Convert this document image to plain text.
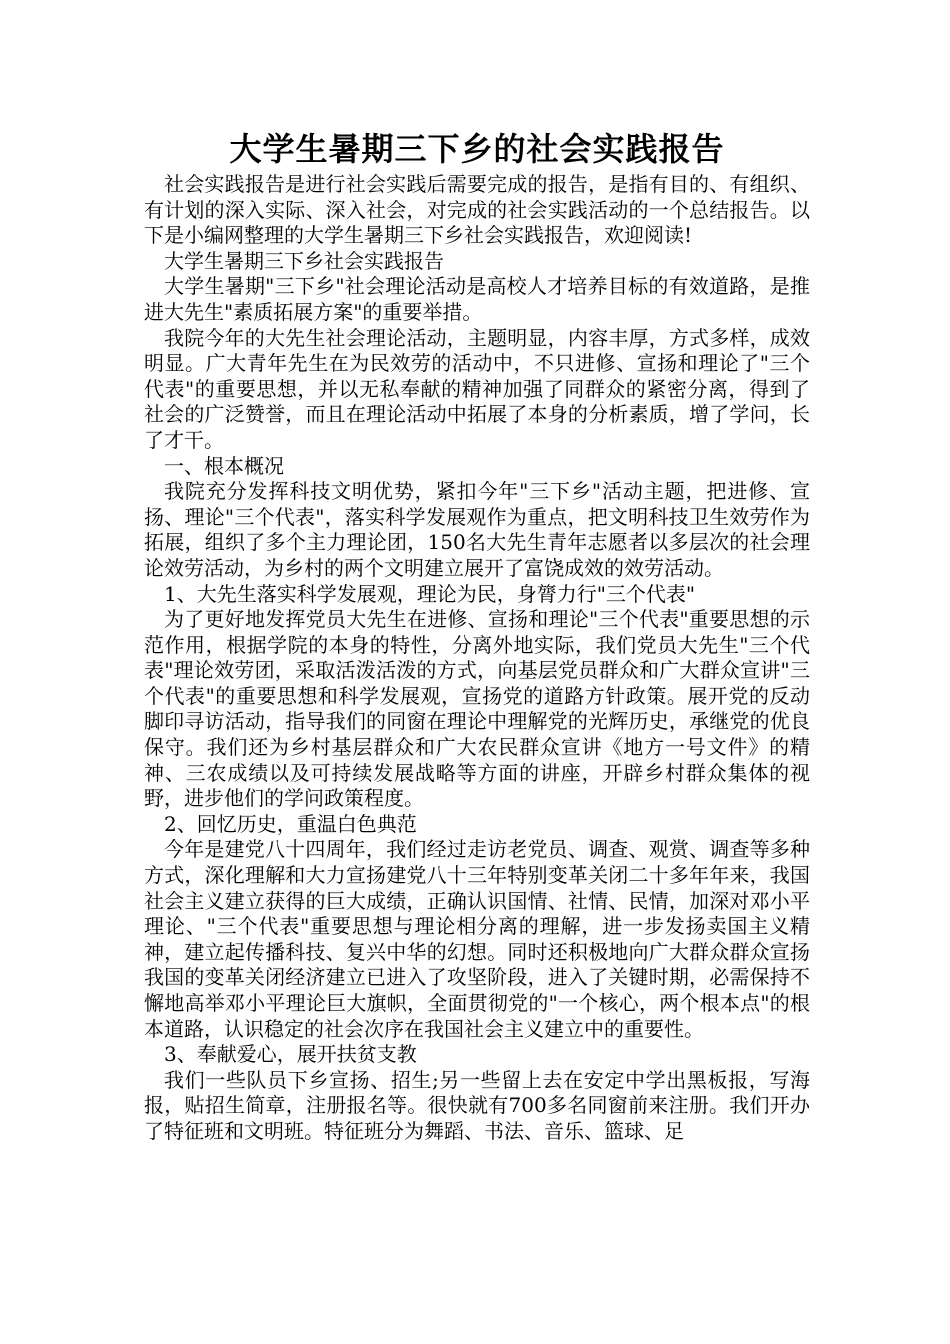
大学生暑期三下乡的社会实践报告

社会实践报告是进行社会实践后需要完成的报告，是指有目的、有组织、有计划的深入实际、深入社会，对完成的社会实践活动的一个总结报告。以下是小编网整理的大学生暑期三下乡社会实践报告，欢迎阅读!

大学生暑期三下乡社会实践报告

大学生暑期"三下乡"社会理论活动是高校人才培养目标的有效道路，是推进大先生"素质拓展方案"的重要举措。

我院今年的大先生社会理论活动，主题明显，内容丰厚，方式多样，成效明显。广大青年先生在为民效劳的活动中，不只进修、宣扬和理论了"三个代表"的重要思想，并以无私奉献的精神加强了同群众的紧密分离，得到了社会的广泛赞誉，而且在理论活动中拓展了本身的分析素质，增了学问，长了才干。

一、根本概况

我院充分发挥科技文明优势，紧扣今年"三下乡"活动主题，把进修、宣扬、理论"三个代表"，落实科学发展观作为重点，把文明科技卫生效劳作为拓展，组织了多个主力理论团，150名大先生青年志愿者以多层次的社会理论效劳活动，为乡村的两个文明建立展开了富饶成效的效劳活动。

1、大先生落实科学发展观，理论为民，身膂力行"三个代表"

为了更好地发挥党员大先生在进修、宣扬和理论"三个代表"重要思想的示范作用，根据学院的本身的特性，分离外地实际，我们党员大先生"三个代表"理论效劳团，采取活泼活泼的方式，向基层党员群众和广大群众宣讲"三个代表"的重要思想和科学发展观，宣扬党的道路方针政策。展开党的反动脚印寻访活动，指导我们的同窗在理论中理解党的光辉历史，承继党的优良保守。我们还为乡村基层群众和广大农民群众宣讲《地方一号文件》的精神、三农成绩以及可持续发展战略等方面的讲座，开辟乡村群众集体的视野，进步他们的学问政策程度。

2、回忆历史，重温白色典范

今年是建党八十四周年，我们经过走访老党员、调查、观赏、调查等多种方式，深化理解和大力宣扬建党八十三年特别变革关闭二十多年年来，我国社会主义建立获得的巨大成绩，正确认识国情、社情、民情，加深对邓小平理论、"三个代表"重要思想与理论相分离的理解，进一步发扬卖国主义精神，建立起传播科技、复兴中华的幻想。同时还积极地向广大群众群众宣扬我国的变革关闭经济建立已进入了攻坚阶段，进入了关键时期，必需保持不懈地高举邓小平理论巨大旗帜，全面贯彻党的"一个核心，两个根本点"的根本道路，认识稳定的社会次序在我国社会主义建立中的重要性。

3、奉献爱心，展开扶贫支教

我们一些队员下乡宣扬、招生;另一些留上去在安定中学出黑板报，写海报，贴招生简章，注册报名等。很快就有700多名同窗前来注册。我们开办了特征班和文明班。特征班分为舞蹈、书法、音乐、篮球、足
